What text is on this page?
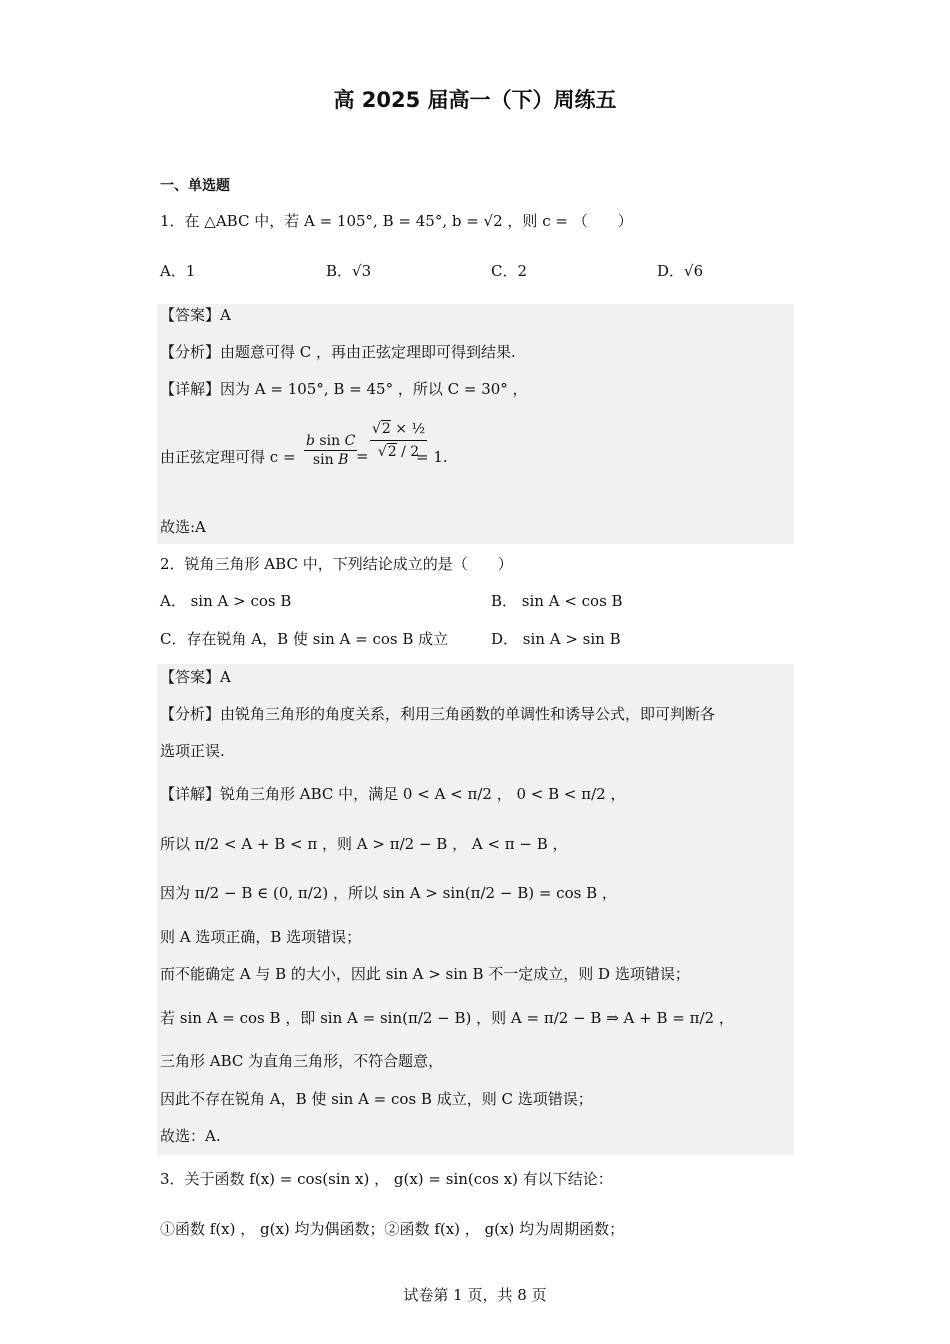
高 2025 届高一（下）周练五
一、单选题
1．在 △ABC 中，若 A = 105°, B = 45°, b = √2 ，则 c = （　　）
A．1	B．√3	C．2	D．√6
【答案】A
【分析】由题意可得 C ，再由正弦定理即可得到结果.
【详解】因为 A = 105°, B = 45° ，所以 C = 30° ，
由正弦定理可得 $c = \frac{\text{b sin C}}{\text{sin B}}$
= $\frac{\text{√2 × ½}}{√2 / 2}$
= 1.
故选:A
2．锐角三角形 ABC 中，下列结论成立的是（　　）
A． sin A > cos B	B． sin A < cos B
C．存在锐角 A，B 使 sin A = cos B 成立	D． sin A > sin B
【答案】A
【分析】由锐角三角形的角度关系，利用三角函数的单调性和诱导公式，即可判断各
选项正误.
【详解】锐角三角形 ABC 中，满足 0 < A < π/2 ， 0 < B < π/2 ，
所以 π/2 < A + B < π ，则 A > π/2 − B ， A < π − B ，
因为 π/2 − B ∈ (0, π/2) ，所以 sin A > sin(π/2 − B) = cos B ，
则 A 选项正确，B 选项错误；
而不能确定 A 与 B 的大小，因此 sin A > sin B 不一定成立，则 D 选项错误；
若 sin A = cos B ，即 sin A = sin(π/2 − B) ，则 A = π/2 − B ⇒ A + B = π/2 ，
三角形 ABC 为直角三角形，不符合题意，
因此不存在锐角 A，B 使 sin A = cos B 成立，则 C 选项错误；
故选：A.
3．关于函数 f(x) = cos(sin x) ， g(x) = sin(cos x) 有以下结论：
①函数 f(x) ， g(x) 均为偶函数；②函数 f(x) ， g(x) 均为周期函数；
试卷第 1 页，共 8 页
